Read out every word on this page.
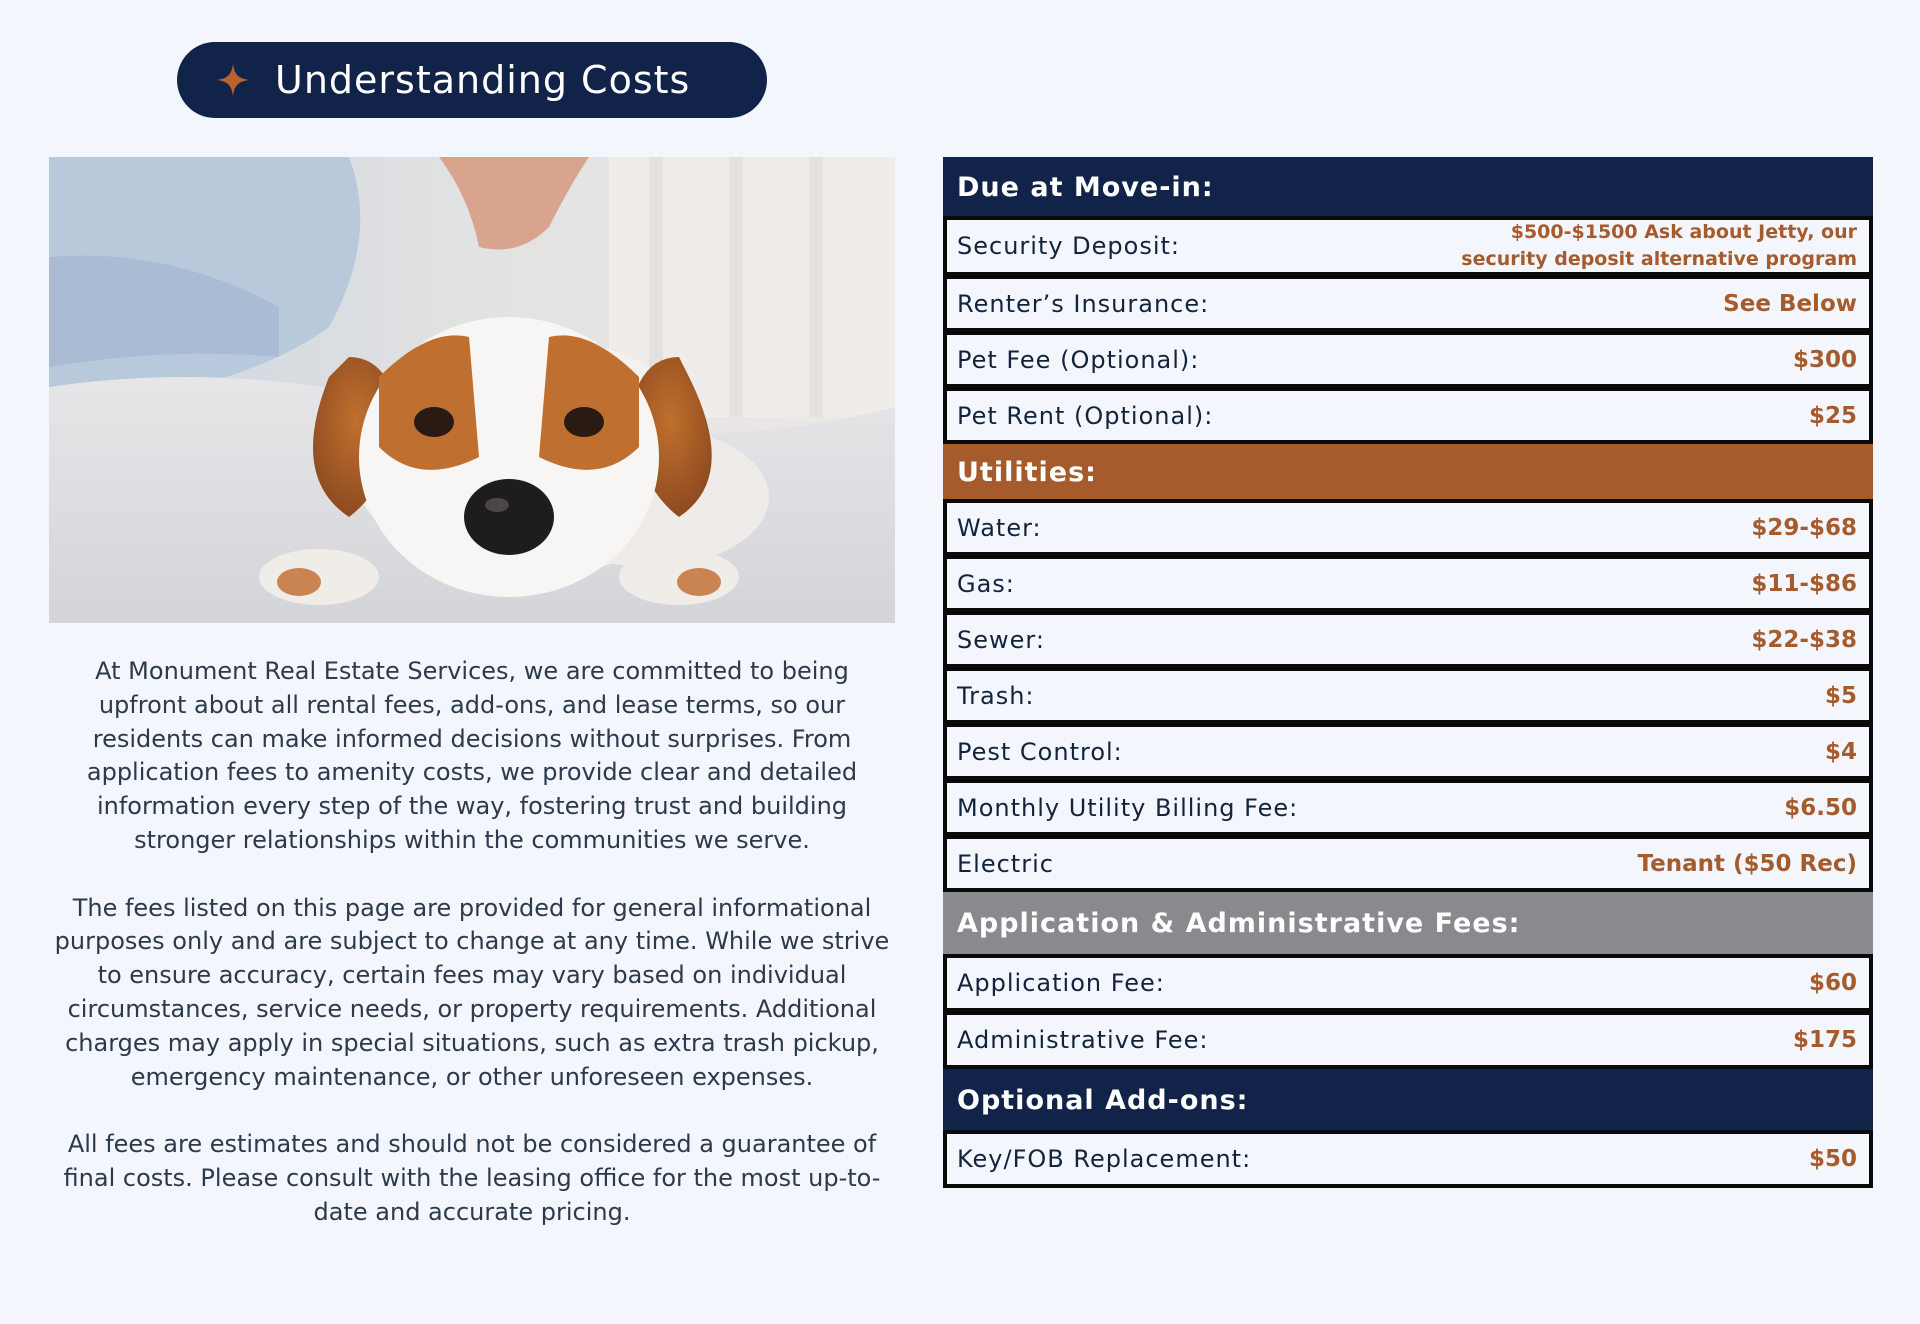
Understanding Costs

At Monument Real Estate Services, we are committed to being upfront about all rental fees, add-ons, and lease terms, so our residents can make informed decisions without surprises. From application fees to amenity costs, we provide clear and detailed information every step of the way, fostering trust and building stronger relationships within the communities we serve.

The fees listed on this page are provided for general informational purposes only and are subject to change at any time. While we strive to ensure accuracy, certain fees may vary based on individual circumstances, service needs, or property requirements. Additional charges may apply in special situations, such as extra trash pickup, emergency maintenance, or other unforeseen expenses.

All fees are estimates and should not be considered a guarantee of final costs. Please consult with the leasing office for the most up-to-date and accurate pricing.

Due at Move-in:
Security Deposit:	$500-$1500 Ask about Jetty, our security deposit alternative program
Renter’s Insurance:	See Below
Pet Fee (Optional):	$300
Pet Rent (Optional):	$25
Utilities:
Water:	$29-$68
Gas:	$11-$86
Sewer:	$22-$38
Trash:	$5
Pest Control:	$4
Monthly Utility Billing Fee:	$6.50
Electric	Tenant ($50 Rec)
Application & Administrative Fees:
Application Fee:	$60
Administrative Fee:	$175
Optional Add-ons:
Key/FOB Replacement:	$50
